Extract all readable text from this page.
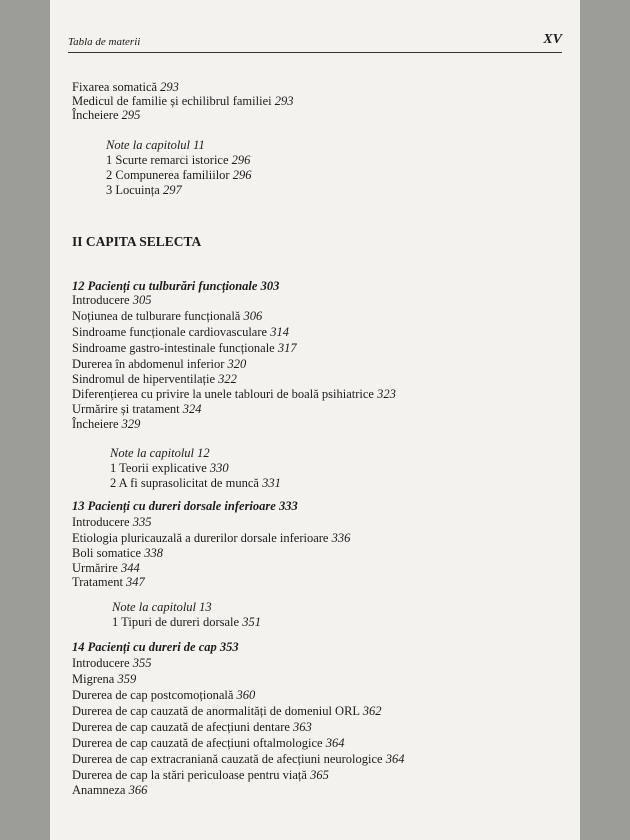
Tabla de materii	XV
Fixarea somatică 293
Medicul de familie și echilibrul familiei 293
Încheiere 295
Note la capitolul 11
1 Scurte remarci istorice 296
2 Compunerea familiilor 296
3 Locuința 297
II CAPITA SELECTA
12 Pacienți cu tulburări funcționale 303
Introducere 305
Noțiunea de tulburare funcțională 306
Sindroame funcționale cardiovasculare 314
Sindroame gastro-intestinale funcționale 317
Durerea în abdomenul inferior 320
Sindromul de hiperventilație 322
Diferențierea cu privire la unele tablouri de boală psihiatrice 323
Urmărire și tratament 324
Încheiere 329
Note la capitolul 12
1 Teorii explicative 330
2 A fi suprasolicitat de muncă 331
13 Pacienți cu dureri dorsale inferioare 333
Introducere 335
Etiologia pluricauzală a durerilor dorsale inferioare 336
Boli somatice 338
Urmărire 344
Tratament 347
Note la capitolul 13
1 Tipuri de dureri dorsale 351
14 Pacienți cu dureri de cap 353
Introducere 355
Migrena 359
Durerea de cap postcomoțională 360
Durerea de cap cauzată de anormalități de domeniul ORL 362
Durerea de cap cauzată de afecțiuni dentare 363
Durerea de cap cauzată de afecțiuni oftalmologice 364
Durerea de cap extracraniană cauzată de afecțiuni neurologice 364
Durerea de cap la stări periculoase pentru viață 365
Anamneza 366
